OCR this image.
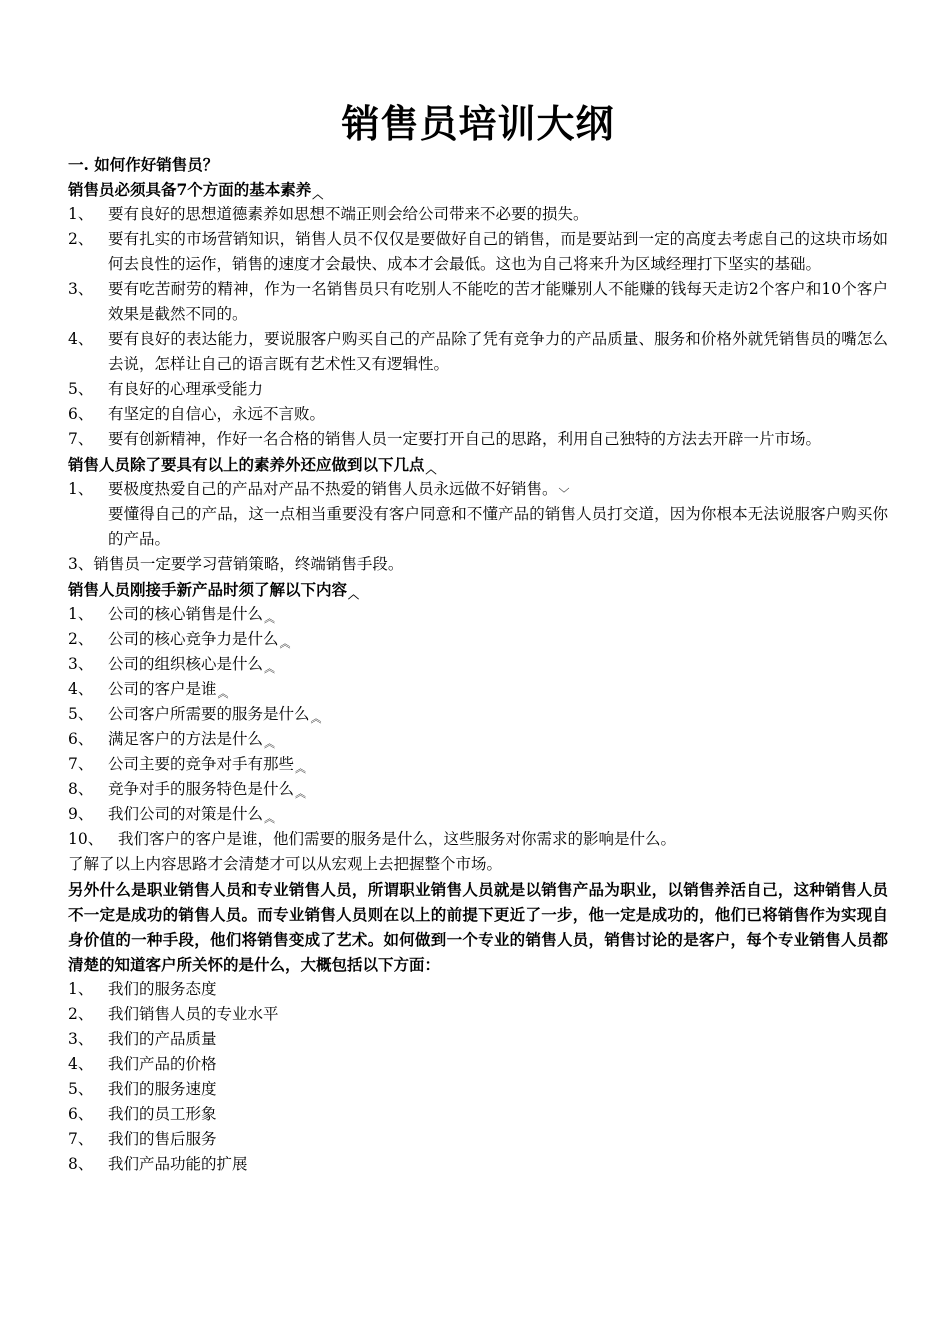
销售员培训大纲
一. 如何作好销售员？
销售员必须具备7个方面的基本素养︿
1、 要有良好的思想道德素养如思想不端正则会给公司带来不必要的损失。
2、 要有扎实的市场营销知识，销售人员不仅仅是要做好自己的销售，而是要站到一定的高度去考虑自己的这块市场如何去良性的运作，销售的速度才会最快、成本才会最低。这也为自己将来升为区域经理打下坚实的基础。
3、 要有吃苦耐劳的精神，作为一名销售员只有吃别人不能吃的苦才能赚别人不能赚的钱每天走访2个客户和10个客户效果是截然不同的。
4、 要有良好的表达能力，要说服客户购买自己的产品除了凭有竞争力的产品质量、服务和价格外就凭销售员的嘴怎么去说，怎样让自己的语言既有艺术性又有逻辑性。
5、 有良好的心理承受能力
6、 有坚定的自信心，永远不言败。
7、 要有创新精神，作好一名合格的销售人员一定要打开自己的思路，利用自己独特的方法去开辟一片市场。
销售人员除了要具有以上的素养外还应做到以下几点︿
1、 要极度热爱自己的产品对产品不热爱的销售人员永远做不好销售。﹀
要懂得自己的产品，这一点相当重要没有客户同意和不懂产品的销售人员打交道，因为你根本无法说服客户购买你的产品。
3、销售员一定要学习营销策略，终端销售手段。
销售人员刚接手新产品时须了解以下内容︿
1、 公司的核心销售是什么︽
2、 公司的核心竞争力是什么︽
3、 公司的组织核心是什么︽
4、 公司的客户是谁︽
5、 公司客户所需要的服务是什么︽
6、 满足客户的方法是什么︽
7、 公司主要的竞争对手有那些︽
8、 竞争对手的服务特色是什么︽
9、 我们公司的对策是什么︽
10、 我们客户的客户是谁，他们需要的服务是什么，这些服务对你需求的影响是什么。
了解了以上内容思路才会清楚才可以从宏观上去把握整个市场。
另外什么是职业销售人员和专业销售人员，所谓职业销售人员就是以销售产品为职业，以销售养活自己，这种销售人员不一定是成功的销售人员。而专业销售人员则在以上的前提下更近了一步，他一定是成功的，他们已将销售作为实现自身价值的一种手段，他们将销售变成了艺术。如何做到一个专业的销售人员，销售讨论的是客户，每个专业销售人员都清楚的知道客户所关怀的是什么，大概包括以下方面：
1、 我们的服务态度
2、 我们销售人员的专业水平
3、 我们的产品质量
4、 我们产品的价格
5、 我们的服务速度
6、 我们的员工形象
7、 我们的售后服务
8、 我们产品功能的扩展
